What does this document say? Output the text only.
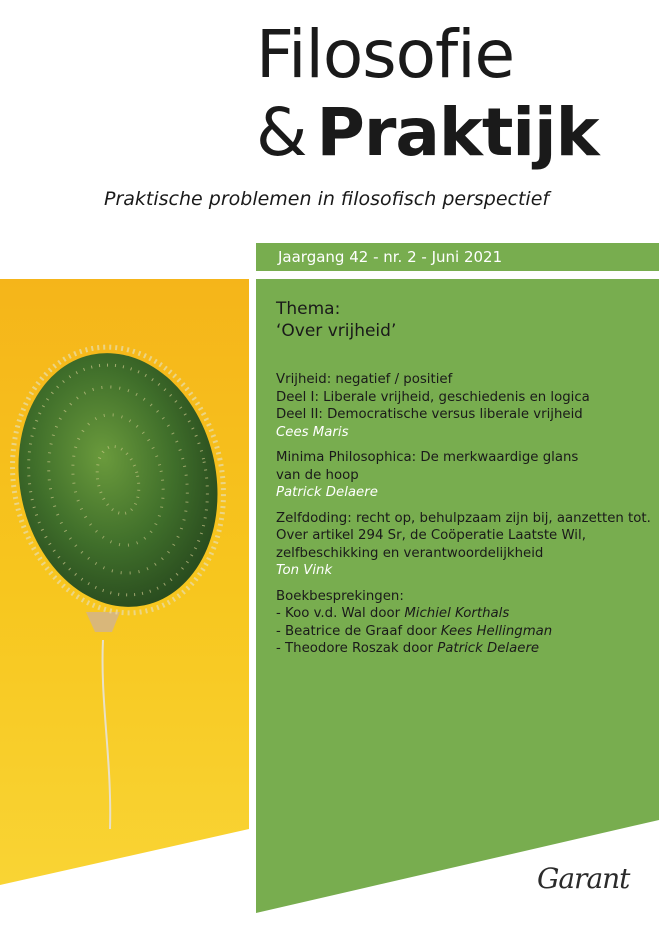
Filosofie
& Praktijk
Praktische problemen in filosofisch perspectief
Jaargang 42 - nr. 2 - Juni 2021
Thema:
‘Over vrijheid’
Vrijheid: negatief / positief
Deel I: Liberale vrijheid, geschiedenis en logica
Deel II: Democratische versus liberale vrijheid
Cees Maris
Minima Philosophica: De merkwaardige glans
van de hoop
Patrick Delaere
Zelfdoding: recht op, behulpzaam zijn bij, aanzetten tot.
Over artikel 294 Sr, de Coöperatie Laatste Wil,
zelfbeschikking en verantwoordelijkheid
Ton Vink
Boekbesprekingen:
- Koo v.d. Wal door Michiel Korthals
- Beatrice de Graaf door Kees Hellingman
- Theodore Roszak door Patrick Delaere
Garant
